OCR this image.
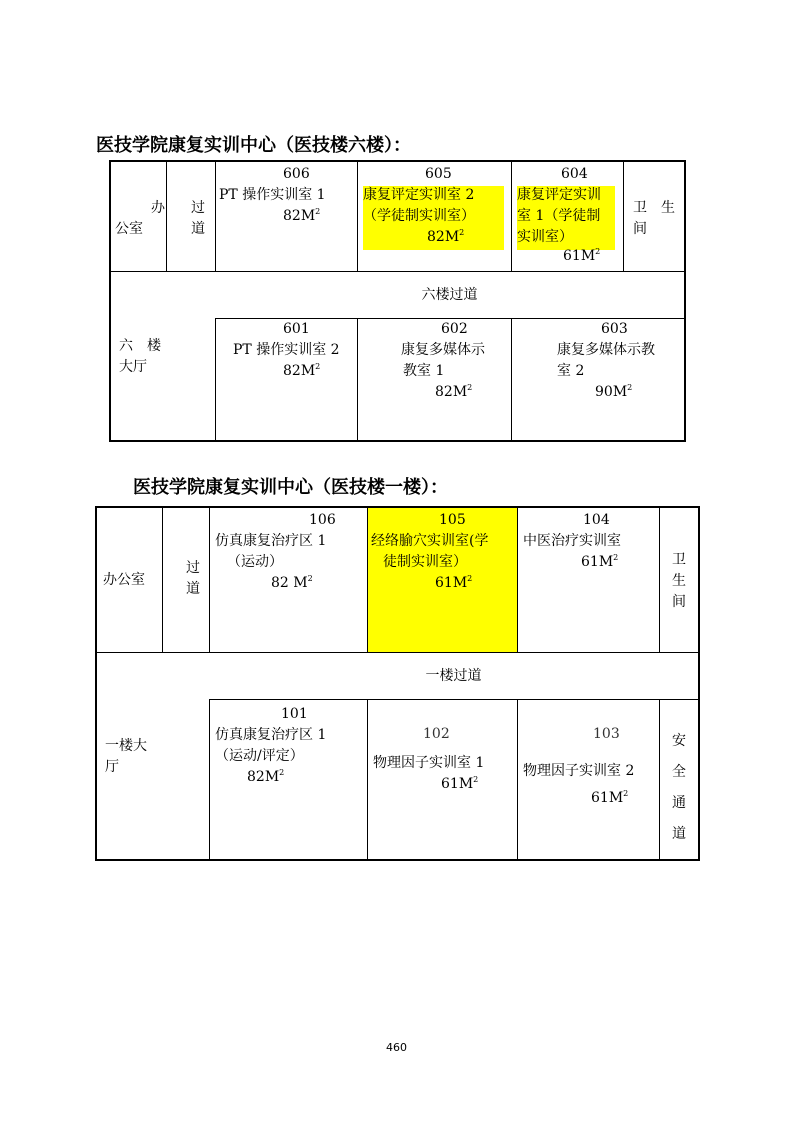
医技学院康复实训中心（医技楼六楼）：
办
公室
过
道
606
PT 操作实训室 1
$82M^2$
605
康复评定实训室 2
（学徒制实训室）
$82M^2$
604
康复评定实训
室 1（学徒制
实训室）
$61M^2$
卫　生
间
六楼过道
六　楼
大厅
601
PT 操作实训室 2
$82M^2$
602
康复多媒体示
教室 1
$82M^2$
603
康复多媒体示教
室 2
$90M^2$
医技学院康复实训中心（医技楼一楼）：
办公室
过
道
106
仿真康复治疗区 1
（运动）
82 $M^2$
105
经络腧穴实训室(学
徒制实训室）
$61M^2$
104
中医治疗实训室
$61M^2$	卫
生
间
一楼过道
一楼大
厅
101
仿真康复治疗区 1
（运动/评定）
$82M^2$
102
物理因子实训室 1
$61M^2$
103
物理因子实训室 2
$61M^2$
安
全
通
道
460
